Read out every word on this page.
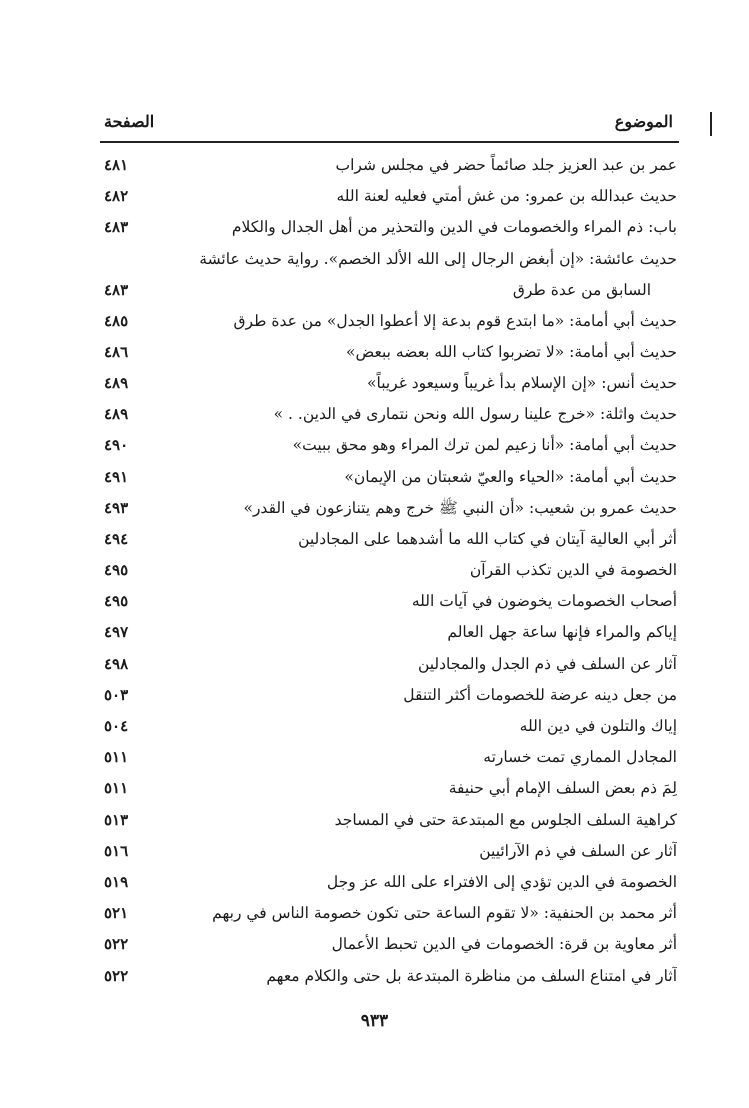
الموضوع
الصفحة
عمر بن عبد العزيز جلد صائماً حضر في مجلس شراب
٤٨١
حديث عبدالله بن عمرو: من غش أمتي فعليه لعنة الله
٤٨٢
باب: ذم المراء والخصومات في الدين والتحذير من أهل الجدال والكلام
٤٨٣
حديث عائشة: «إن أبغض الرجال إلى الله الألد الخصم». رواية حديث عائشة
السابق من عدة طرق
٤٨٣
حديث أبي أمامة: «ما ابتدع قوم بدعة إلا أعطوا الجدل» من عدة طرق
٤٨٥
حديث أبي أمامة: «لا تضربوا كتاب الله بعضه ببعض»
٤٨٦
حديث أنس: «إن الإسلام بدأ غريباً وسيعود غريباً»
٤٨٩
حديث واثلة: «خرج علينا رسول الله ونحن نتمارى في الدين. . »
٤٨٩
حديث أبي أمامة: «أنا زعيم لمن ترك المراء وهو محق ببيت»
٤٩٠
حديث أبي أمامة: «الحياء والعيّ شعبتان من الإيمان»
٤٩١
حديث عمرو بن شعيب: «أن النبي ﷺ خرج وهم يتنازعون في القدر»
٤٩٣
أثر أبي العالية آيتان في كتاب الله ما أشدهما على المجادلين
٤٩٤
الخصومة في الدين تكذب القرآن
٤٩٥
أصحاب الخصومات يخوضون في آيات الله
٤٩٥
إياكم والمراء فإنها ساعة جهل العالم
٤٩٧
آثار عن السلف في ذم الجدل والمجادلين
٤٩٨
من جعل دينه عرضة للخصومات أكثر التنقل
٥٠٣
إياك والتلون في دين الله
٥٠٤
المجادل المماري تمت خسارته
٥١١
لِمَ ذم بعض السلف الإمام أبي حنيفة
٥١١
كراهية السلف الجلوس مع المبتدعة حتى في المساجد
٥١٣
آثار عن السلف في ذم الآرائيين
٥١٦
الخصومة في الدين تؤدي إلى الافتراء على الله عز وجل
٥١٩
أثر محمد بن الحنفية: «لا تقوم الساعة حتى تكون خصومة الناس في ربهم
٥٢١
أثر معاوية بن قرة: الخصومات في الدين تحبط الأعمال
٥٢٢
آثار في امتناع السلف من مناظرة المبتدعة بل حتى والكلام معهم
٥٢٢
٩٣٣
